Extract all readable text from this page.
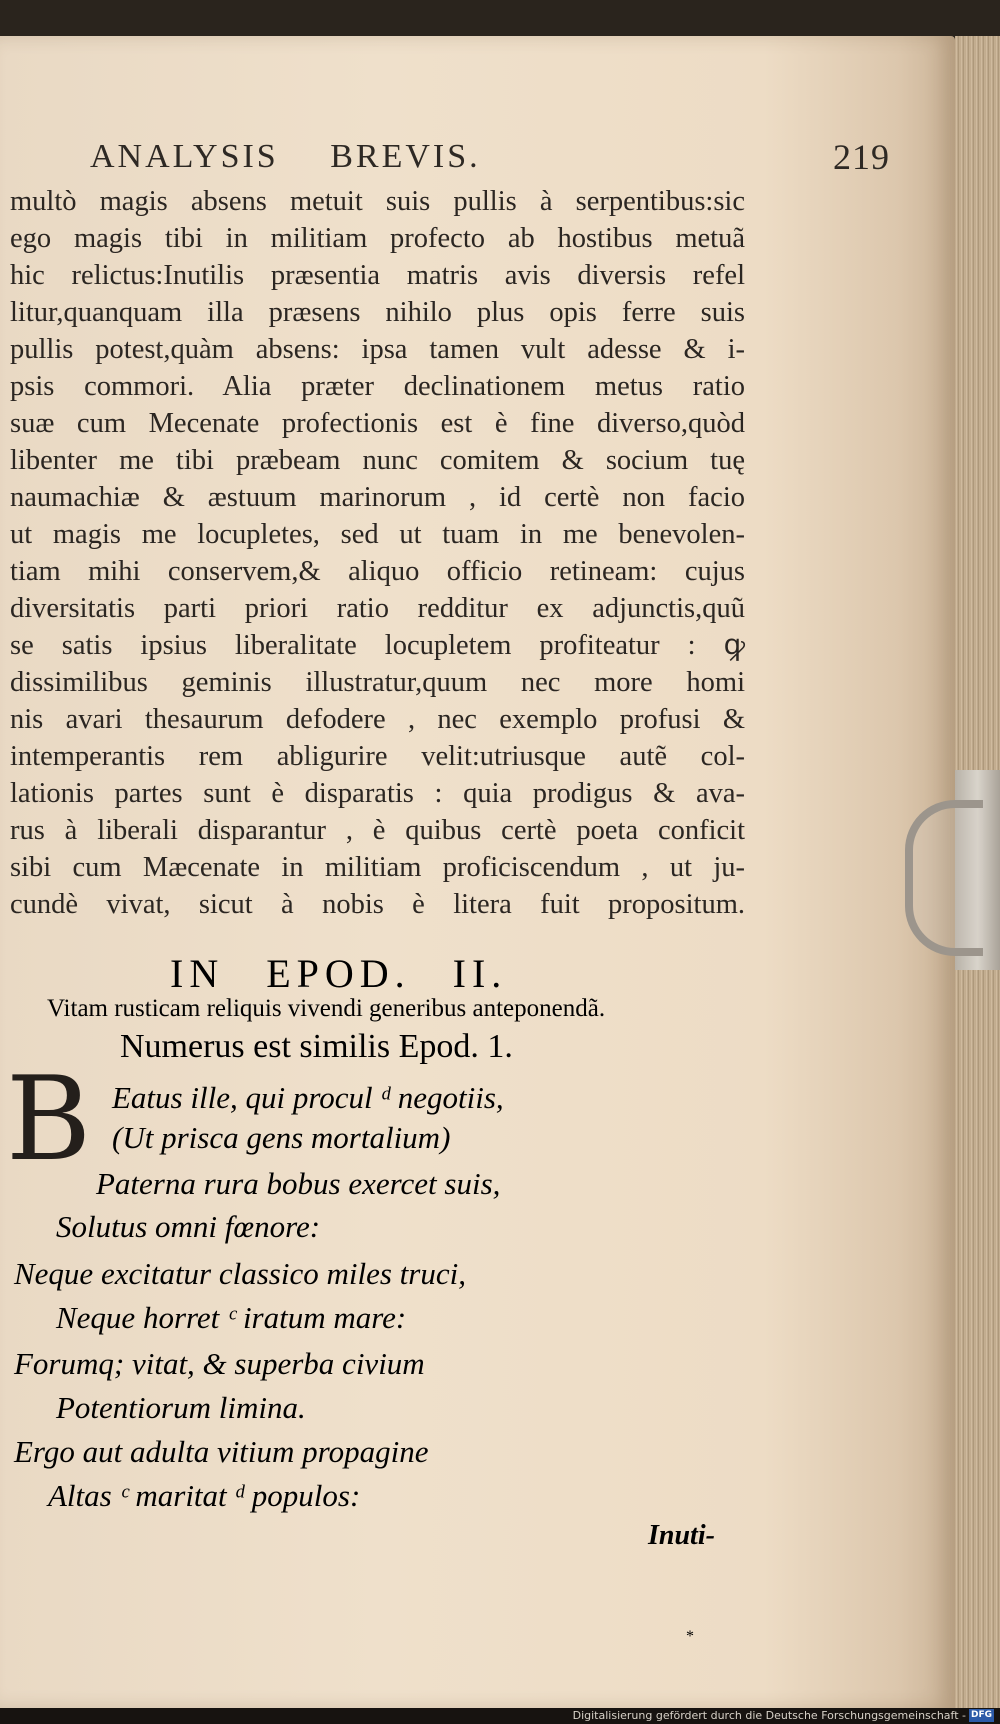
ANALYSIS BREVIS.	219
multò magis absens metuit suis pullis à serpentibus:sic
ego magis tibi in militiam profecto ab hostibus metuã
hic relictus:Inutilis præsentia matris avis diversis refel
litur,quanquam illa præsens nihilo plus opis ferre suis
pullis potest,quàm absens: ipsa tamen vult adesse & i-
psis commori. Alia præter declinationem metus ratio
suæ cum Mecenate profectionis est è fine diverso,quòd
libenter me tibi præbeam nunc comitem & socium tuę
naumachiæ & æstuum marinorum , id certè non facio
ut magis me locupletes, sed ut tuam in me benevolen-
tiam mihi conservem,& aliquo officio retineam: cujus
diversitatis parti priori ratio redditur ex adjunctis,quũ
se satis ipsius liberalitate locupletem profiteatur : ꝙ
dissimilibus geminis illustratur,quum nec more homi
nis avari thesaurum defodere , nec exemplo profusi &
intemperantis rem abligurire velit:utriusque autẽ col-
lationis partes sunt è disparatis : quia prodigus & ava-
rus à liberali disparantur , è quibus certè poeta conficit
sibi cum Mæcenate in militiam proficiscendum , ut ju-
cundè vivat, sicut à nobis è litera fuit propositum.
IN EPOD. II.
Vitam rusticam reliquis vivendi generibus anteponendã.
Numerus est similis Epod. 1.
B Eatus ille, qui procul ᵈ negotiis,
(Ut prisca gens mortalium)
Paterna rura bobus exercet suis,
Solutus omni fœnore:
Neque excitatur classico miles truci,
Neque horret ᶜ iratum mare:
Forumq; vitat, & superba civium
Potentiorum limina.
Ergo aut adulta vitium propagine
Altas ᶜ maritat ᵈ populos:
Inuti-
*
Digitalisierung gefördert durch die Deutsche Forschungsgemeinschaft - DFG
